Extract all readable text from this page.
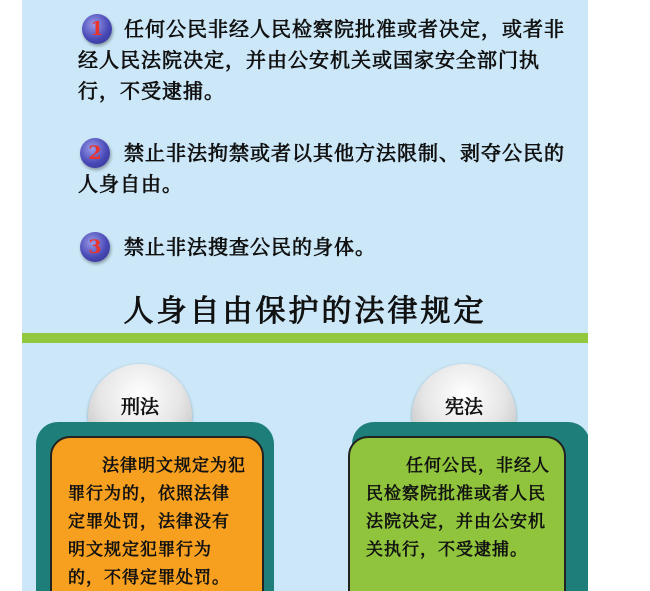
1	任何公民非经人民检察院批准或者决定，或者非经人民法院决定，并由公安机关或国家安全部门执行，不受逮捕。
2	禁止非法拘禁或者以其他方法限制、剥夺公民的人身自由。
3	禁止非法搜查公民的身体。
人身自由保护的法律规定
刑法
法律明文规定为犯罪行为的，依照法律定罪处罚，法律没有明文规定犯罪行为的，不得定罪处罚。
宪法
任何公民，非经人民检察院批准或者人民法院决定，并由公安机关执行，不受逮捕。
